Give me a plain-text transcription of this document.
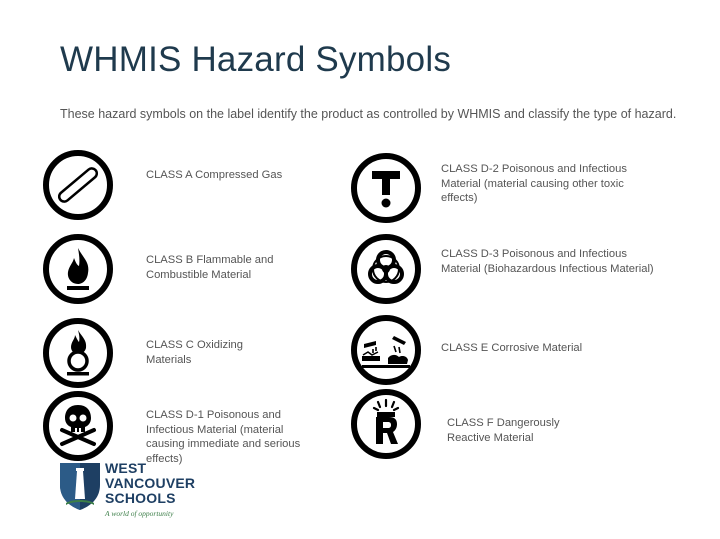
WHMIS Hazard Symbols
These hazard symbols on the label identify the product as controlled by WHMIS and classify the type of hazard.
CLASS A Compressed Gas
CLASS B Flammable and Combustible Material
CLASS C Oxidizing Materials
CLASS D-1 Poisonous and Infectious Material (material causing immediate and serious effects)
CLASS D-2 Poisonous and Infectious Material (material causing other toxic effects)
CLASS D-3 Poisonous and Infectious Material (Biohazardous Infectious Material)
CLASS E Corrosive Material
CLASS F Dangerously Reactive Material
WEST
VANCOUVER
SCHOOLS
A world of opportunity
